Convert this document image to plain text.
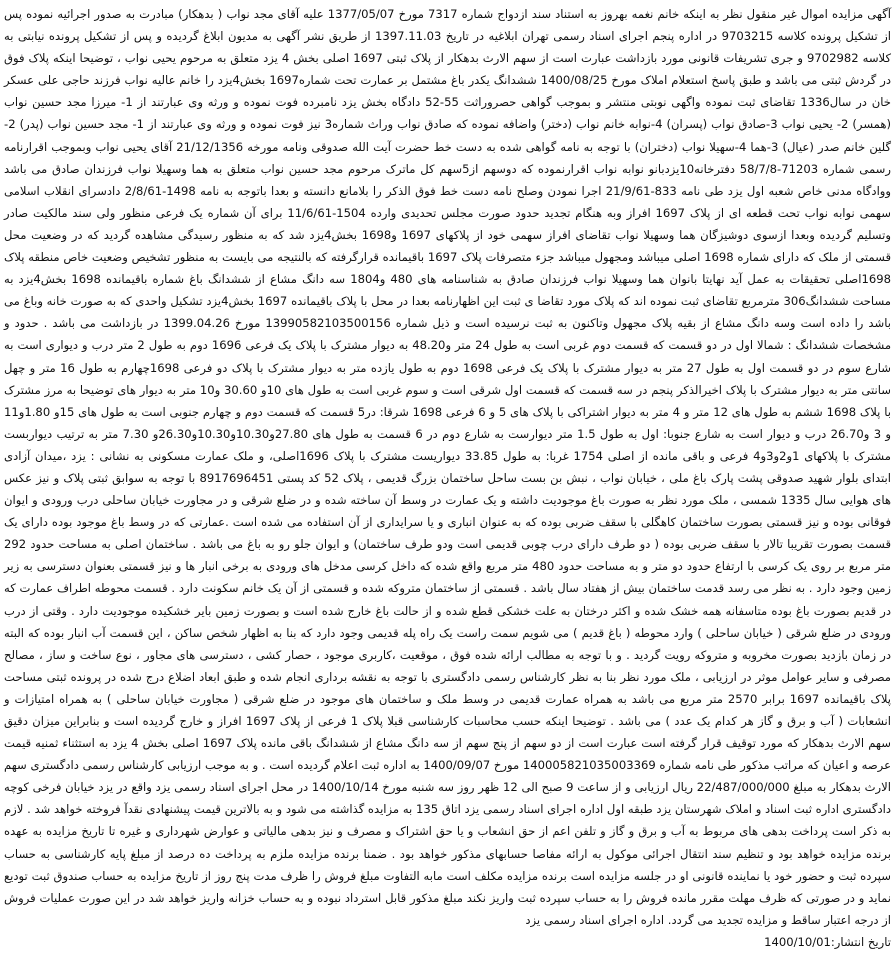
آگهی مزایده اموال غیر منقول نظر به اینکه خانم نغمه بهروز به استناد سند ازدواج شماره 7317 مورخ 1377/05/07 علیه آقای مجد نواب ( بدهکار) مبادرت به صدور اجرائیه نموده پس از تشکیل پرونده کلاسه 9703215 در اداره پنجم اجرای اسناد رسمی تهران ابلاغیه در تاریخ 1397.11.03 از طریق نشر آگهی به مدیون ابلاغ گردیده و پس از تشکیل پرونده نیابتی به کلاسه 9702982 و جری تشریفات قانونی مورد بازداشت عبارت است از سهم الارث بدهکار از پلاک ثبتی 1697 اصلی بخش 4 یزد متعلق به مرحوم یحیی نواب ، توضیحا اینکه پلاک فوق در گردش ثبتی می باشد و طبق پاسخ استعلام املاک مورخ 1400/08/25 ششدانگ یکدر باغ مشتمل بر عمارت تحت شماره1697 بخش4یزد را خانم عالیه نواب فرزند حاجی علی عسکر خان در سال1336 تقاضای ثبت نموده واگهی نوبتی منتشر و بموجب گواهی حصروراثت 55-52 دادگاه بخش یزد نامبرده فوت نموده و ورثه وی عبارتند از 1- میرزا مجد حسین نواب (همسر) 2- یحیی نواب 3-صادق نواب (پسران) 4-نوابه خانم نواب (دختر) واضافه نموده که صادق نواب وراث شماره3 نیز فوت نموده و ورثه وی عبارتند از 1- مجد حسین نواب (پدر) 2-گلین خانم صدر (عیال) 3-هما 4-سهیلا نواب (دختران) با توجه به نامه گواهی شده به دست خط حضرت آیت الله صدوقی ونامه مورخه 21/12/1356 آقای یحیی نواب وبموجب اقرارنامه رسمی شماره 71203-58/7/8 دفترخانه10یزدبانو نوابه نواب اقرارنموده که دوسهم از5سهم کل ماترک مرحوم مجد حسین نواب متعلق به هما وسهیلا نواب فرزندان صادق می باشد ووادگاه مدنی خاص شعبه اول یزد طی نامه 833-21/9/61 اجرا نمودن وصلح نامه دست خط فوق الذکر را بلامانع دانسته و بعدا باتوجه به نامه 1498-2/8/61 دادسرای انقلاب اسلامی سهمی نوابه نواب تحت قطعه ای از پلاک 1697 افراز وبه هنگام تجدید حدود صورت مجلس تحدیدی وارده 1504-11/6/61 برای آن شماره یک فرعی منظور ولی سند مالکیت صادر وتسلیم گردیده وبعدا ازسوی دوشیزگان هما وسهیلا نواب تقاضای افراز سهمی خود از پلاکهای 1697 و1698 بخش4یزد شد که به منظور رسیدگی مشاهده گردید که در وضعیت محل قسمتی از ملک که دارای شماره 1698 اصلی میباشد ومجهول میباشد جزء متصرفات پلاک 1697 باقیمانده قرارگرفته که بالنتیجه می بایست به منظور تشخیص وضعیت خاص منطقه پلاک 1698اصلی تحقیقات به عمل آید نهایتا بانوان هما وسهیلا نواب فرزندان صادق به شناسنامه های 480 و1804 سه دانگ مشاع از ششدانگ باغ شماره باقیمانده 1698 بخش4یزد به مساحت ششدانگ306 مترمربع تقاضای ثبت نموده اند که پلاک مورد تقاضا ی ثبت این اظهارنامه بعدا در محل با پلاک باقیمانده 1697 بخش4یزد تشکیل واحدی که به صورت خانه وباغ می باشد را داده است وسه دانگ مشاع از بقیه پلاک مجهول وتاکنون به ثبت نرسیده است و ذیل شماره 13990582103500156 مورخ 1399.04.26 در بازداشت می باشد . حدود و مشخصات ششدانگ : شمالا اول در دو قسمت که قسمت دوم غربی است به طول 24 متر و48.20 به دیوار مشترک با پلاک یک فرعی 1696 دوم به طول 2 متر درب و دیواری است به شارع سوم در دو قسمت اول به طول 27 متر به دیوار مشترک با پلاک یک فرعی 1698 دوم به طول یازده متر به دیوار مشترک با پلاک دو فرعی 1698چهارم به طول 16 متر و چهل سانتی متر به دیوار مشترک با پلاک اخیرالذکر پنجم در سه قسمت که قسمت اول شرقی است و سوم غربی است به طول های 10و 30.60 و10 متر به دیوار های توضیحا به مرز مشترک با پلاک 1698 ششم به طول های 12 متر و 4 متر به دیوار اشتراکی با پلاک های 5 و 6 فرعی 1698 شرقا: در5 قسمت که قسمت دوم و چهارم جنوبی است به طول های 15و 1.80و11 و 3 و26.70 درب و دیوار است به شارع جنوبا: اول به طول 1.5 متر دیوارست به شارع دوم در 6 قسمت به طول های 27.80و10.30و10.30و26.30و 7.30 متر به ترتیب دیواربست مشترک با پلاکهای 1و2و3و4 فرعی و باقی مانده از اصلی 1754 غربا: به طول 33.85 دیواریست مشترک با پلاک 1696اصلی، و ملک عمارت مسکونی به نشانی : یزد ،میدان آزادی ابتدای بلوار شهید صدوقی پشت پارک باغ ملی ، خیابان نواب ، نبش بن بست ساحل ساختمان بزرگ قدیمی ، پلاک 52 کد پستی 8917696451 با توجه به سوابق ثبتی پلاک و نیز عکس های هوایی سال 1335 شمسی ، ملک مورد نظر به صورت باغ موجودیت داشته و یک عمارت در وسط آن ساخته شده و در ضلع شرقی و در مجاورت خیابان ساحلی درب ورودی و ایوان فوقانی بوده و نیز قسمتی بصورت ساختمان کاهگلی با سقف ضربی بوده که به عنوان انباری و یا سرایداری از آن استفاده می شده است .عمارتی که در وسط باغ موجود بوده دارای یک قسمت بصورت تقریبا تالار با سقف ضربی بوده ( دو طرف دارای درب چوبی قدیمی است ودو طرف ساختمان) و ایوان جلو رو به باغ می باشد . ساختمان اصلی به مساحت حدود 292 متر مربع بر روی یک کرسی با ارتفاع حدود دو متر و به مساحت حدود 480 متر مربع واقع شده که داخل کرسی مدخل های ورودی به برخی انبار ها و نیز قسمتی بعنوان دسترسی به زیر زمین وجود دارد . به نظر می رسد قدمت ساختمان بیش از هفتاد سال باشد . قسمتی از ساختمان متروکه شده و قسمتی از آن یک خانم سکونت دارد . قسمت محوطه اطراف عمارت که در قدیم بصورت باغ بوده متاسفانه همه خشک شده و اکثر درختان به علت خشکی قطع شده و از حالت باغ خارج شده است و بصورت زمین بایر خشکیده موجودیت دارد . وقتی از درب ورودی در ضلع شرقی ( خیابان ساحلی ) وارد محوطه ( باغ قدیم ) می شویم سمت راست یک راه پله قدیمی وجود دارد که بنا به اظهار شخص ساکن ، این قسمت آب انبار بوده که البته در زمان بازدید بصورت مخروبه و متروکه رویت گردید . و با توجه به مطالب ارائه شده فوق ، موقعیت ،کاربری موجود ، حصار کشی ، دسترسی های مجاور ، نوع ساخت و ساز ، مصالح مصرفی و سایر عوامل موثر در ارزیابی ، ملک مورد نظر بنا به نظر کارشناس رسمی دادگستری با توجه به نقشه برداری انجام شده و طبق ابعاد اضلاع درج شده در پرونده ثبتی مساحت پلاک باقیمانده 1697 برابر 2570 متر مربع می باشد به همراه عمارت قدیمی در وسط ملک و ساختمان های موجود در ضلع شرقی ( مجاورت خیابان ساحلی ) به همراه امتیازات و انشعابات ( آب و برق و گاز هر کدام یک عدد ) می باشد . توضیحا اینکه حسب محاسبات کارشناسی قبلا پلاک 1 فرعی از پلاک 1697 افراز و خارج گردیده است و بنابراین میزان دقیق سهم الارث بدهکار که مورد توقیف قرار گرفته است عبارت است از دو سهم از پنج سهم از سه دانگ مشاع از ششدانگ باقی مانده پلاک 1697 اصلی بخش 4 یزد به استثناء ثمنیه قیمت عرصه و اعیان که مراتب مذکور طی نامه شماره 140005821035003369 مورخ 1400/09/07 به اداره ثبت اعلام گردیده است . و به موجب ارزیابی کارشناس رسمی دادگستری سهم الارث بدهکار به مبلغ 22/487/000/000 ریال ارزیابی و از ساعت 9 صبح الی 12 ظهر روز سه شنبه مورخ 1400/10/14 در محل اجرای اسناد رسمی یزد واقع در یزد خیابان فرخی کوچه دادگستری اداره ثبت اسناد و املاک شهرستان یزد طبقه اول اداره اجرای اسناد رسمی یزد اتاق 135 به مزایده گذاشته می شود و به بالاترین قیمت پیشنهادی نقدآ فروخته خواهد شد . لازم به ذکر است پرداخت بدهی های مربوط به آب و برق و گاز و تلفن اعم از حق انشعاب و یا حق اشتراک و مصرف و نیز بدهی مالیاتی و عوارض شهرداری و غیره تا تاریخ مزایده به عهده برنده مزایده خواهد بود و تنظیم سند انتقال اجرائی موکول به ارائه مفاصا حسابهای مذکور خواهد بود . ضمنا برنده مزایده ملزم به پرداخت ده درصد از مبلغ پایه کارشناسی به حساب سپرده ثبت و حضور خود یا نماینده قانونی او در جلسه مزایده است برنده مزایده مکلف است مابه التفاوت مبلغ فروش را ظرف مدت پنج روز از تاریخ مزایده به حساب صندوق ثبت تودیع نماید و در صورتی که ظرف مهلت مقرر مانده فروش را به حساب سپرده ثبت واریز نکند مبلغ مذکور قابل استرداد نبوده و به حساب خزانه واریز خواهد شد در این صورت عملیات فروش از درجه اعتبار ساقط و مزایده تجدید می گردد. اداره اجرای اسناد رسمی یزد

تاریخ انتشار:1400/10/01
